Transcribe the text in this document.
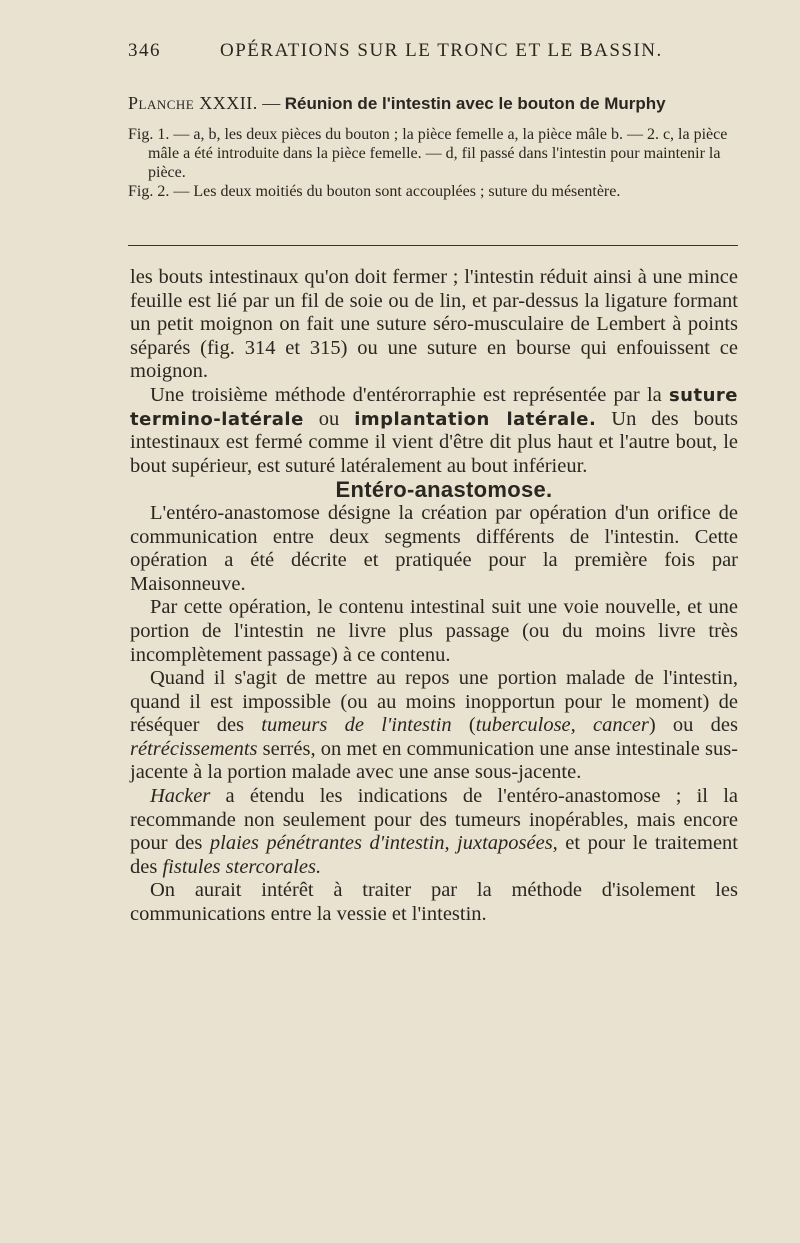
346	OPÉRATIONS SUR LE TRONC ET LE BASSIN.

Planche XXXII. — Réunion de l'intestin avec le bouton de Murphy

Fig. 1. — a, b, les deux pièces du bouton ; la pièce femelle a, la pièce mâle b. — 2. c, la pièce mâle a été introduite dans la pièce femelle. — d, fil passé dans l'intestin pour maintenir la pièce.

Fig. 2. — Les deux moitiés du bouton sont accouplées ; suture du mésentère.

les bouts intestinaux qu'on doit fermer ; l'intestin réduit ainsi à une mince feuille est lié par un fil de soie ou de lin, et par-dessus la ligature formant un petit moignon on fait une suture séro-musculaire de Lembert à points séparés (fig. 314 et 315) ou une suture en bourse qui enfouissent ce moignon.

Une troisième méthode d'entérorraphie est représentée par la suture termino-latérale ou implantation latérale. Un des bouts intestinaux est fermé comme il vient d'être dit plus haut et l'autre bout, le bout supérieur, est suturé latéralement au bout inférieur.

Entéro-anastomose.

L'entéro-anastomose désigne la création par opération d'un orifice de communication entre deux segments différents de l'intestin. Cette opération a été décrite et pratiquée pour la première fois par Maisonneuve.

Par cette opération, le contenu intestinal suit une voie nouvelle, et une portion de l'intestin ne livre plus passage (ou du moins livre très incomplètement passage) à ce contenu.

Quand il s'agit de mettre au repos une portion malade de l'intestin, quand il est impossible (ou au moins inopportun pour le moment) de réséquer des tumeurs de l'intestin (tuberculose, cancer) ou des rétrécissements serrés, on met en communication une anse intestinale sus-jacente à la portion malade avec une anse sous-jacente.

Hacker a étendu les indications de l'entéro-anastomose ; il la recommande non seulement pour des tumeurs inopérables, mais encore pour des plaies pénétrantes d'intestin, juxtaposées, et pour le traitement des fistules stercorales.

On aurait intérêt à traiter par la méthode d'isolement les communications entre la vessie et l'intestin.
